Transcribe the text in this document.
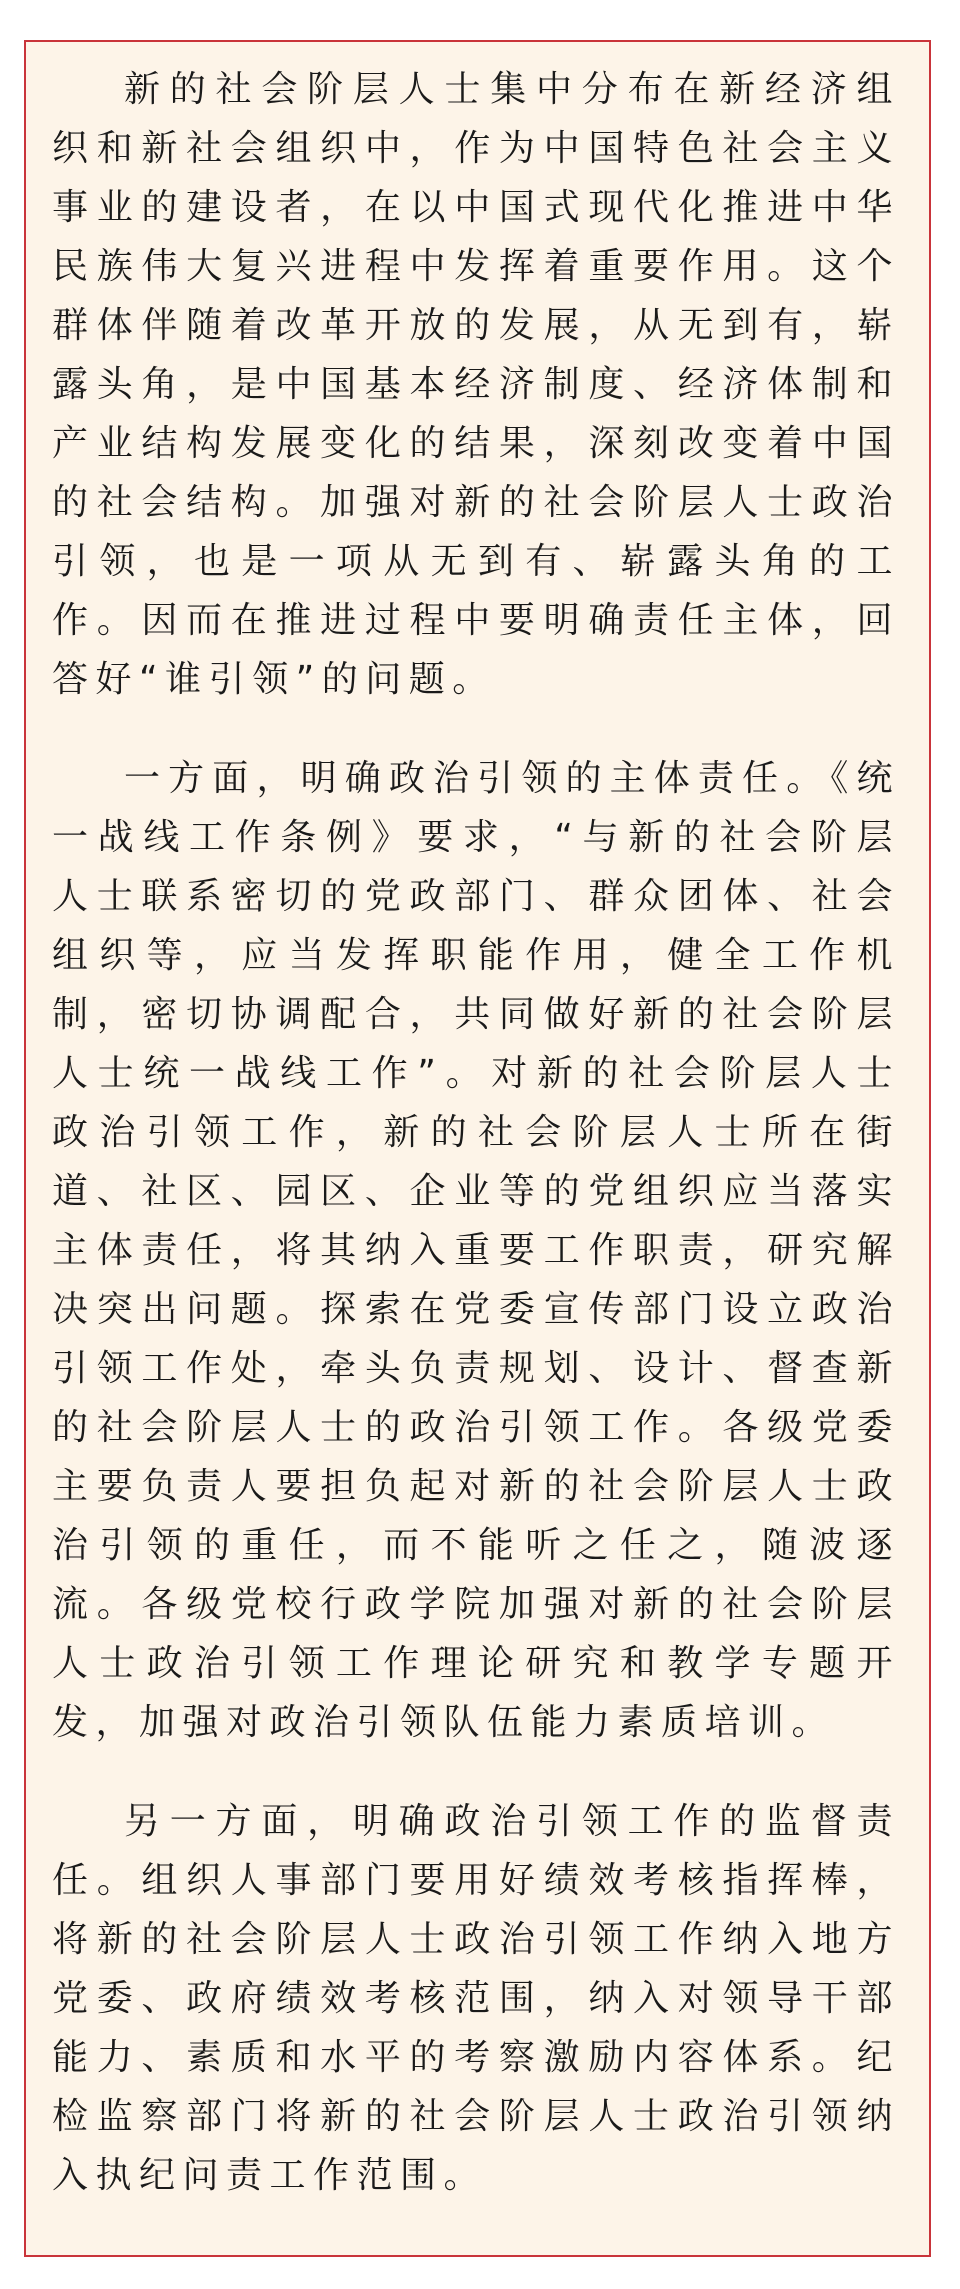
新的社会阶层人士集中分布在新经济组织和新社会组织中，作为中国特色社会主义事业的建设者，在以中国式现代化推进中华民族伟大复兴进程中发挥着重要作用。这个群体伴随着改革开放的发展，从无到有，崭露头角，是中国基本经济制度、经济体制和产业结构发展变化的结果，深刻改变着中国的社会结构。加强对新的社会阶层人士政治引领，也是一项从无到有、崭露头角的工作。因而在推进过程中要明确责任主体，回答好“谁引领”的问题。

一方面，明确政治引领的主体责任。《统一战线工作条例》要求，“与新的社会阶层人士联系密切的党政部门、群众团体、社会组织等，应当发挥职能作用，健全工作机制，密切协调配合，共同做好新的社会阶层人士统一战线工作”。对新的社会阶层人士政治引领工作，新的社会阶层人士所在街道、社区、园区、企业等的党组织应当落实主体责任，将其纳入重要工作职责，研究解决突出问题。探索在党委宣传部门设立政治引领工作处，牵头负责规划、设计、督查新的社会阶层人士的政治引领工作。各级党委主要负责人要担负起对新的社会阶层人士政治引领的重任，而不能听之任之，随波逐流。各级党校行政学院加强对新的社会阶层人士政治引领工作理论研究和教学专题开发，加强对政治引领队伍能力素质培训。

另一方面，明确政治引领工作的监督责任。组织人事部门要用好绩效考核指挥棒，将新的社会阶层人士政治引领工作纳入地方党委、政府绩效考核范围，纳入对领导干部能力、素质和水平的考察激励内容体系。纪检监察部门将新的社会阶层人士政治引领纳入执纪问责工作范围。
